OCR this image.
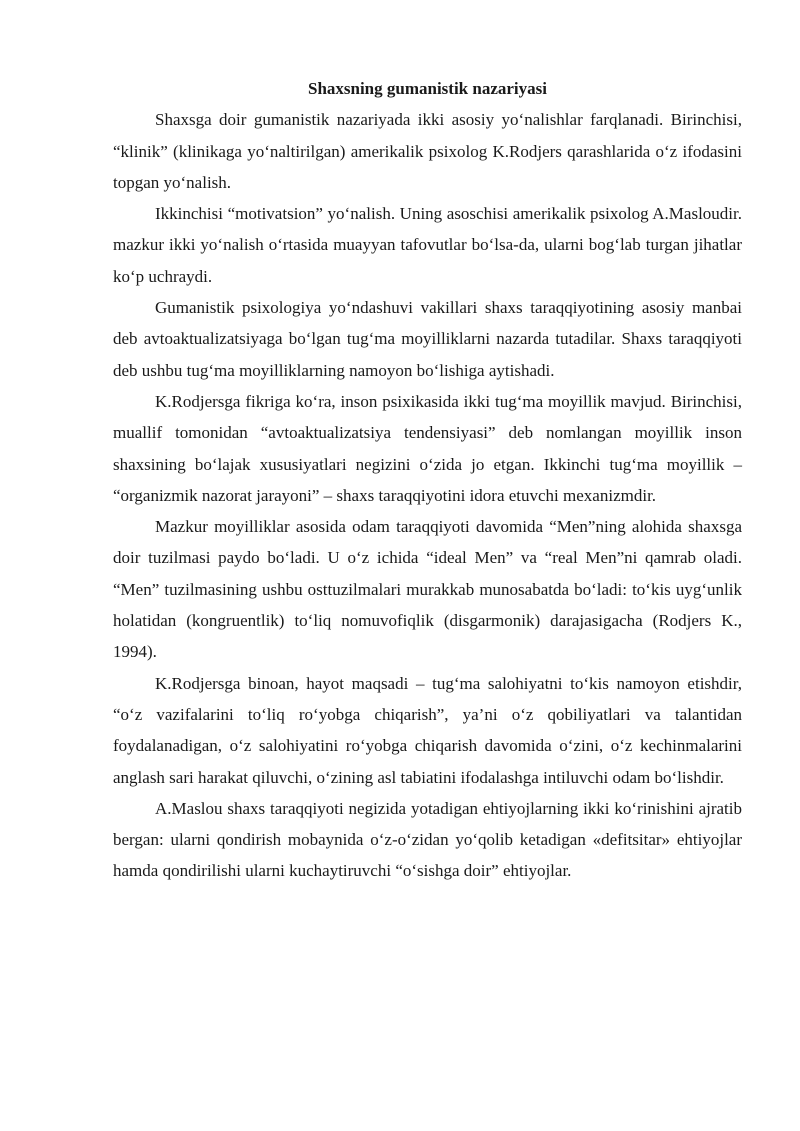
Shaxsning gumanistik nazariyasi

Shaxsga doir gumanistik nazariyada ikki asosiy yo‘nalishlar farqlanadi. Birinchisi, “klinik” (klinikaga yo‘naltirilgan) amerikalik psixolog K.Rodjers qarashlarida o‘z ifodasini topgan yo‘nalish.

Ikkinchisi “motivatsion” yo‘nalish. Uning asoschisi amerikalik psixolog A.Masloudir. mazkur ikki yo‘nalish o‘rtasida muayyan tafovutlar bo‘lsa-da, ularni bog‘lab turgan jihatlar ko‘p uchraydi.

Gumanistik psixologiya yo‘ndashuvi vakillari shaxs taraqqiyotining asosiy manbai deb avtoaktualizatsiyaga bo‘lgan tug‘ma moyilliklarni nazarda tutadilar. Shaxs taraqqiyoti deb ushbu tug‘ma moyilliklarning namoyon bo‘lishiga aytishadi.

K.Rodjersga fikriga ko‘ra, inson psixikasida ikki tug‘ma moyillik mavjud. Birinchisi, muallif tomonidan “avtoaktualizatsiya tendensiyasi” deb nomlangan moyillik inson shaxsining bo‘lajak xususiyatlari negizini o‘zida jo etgan. Ikkinchi tug‘ma moyillik – “organizmik nazorat jarayoni” – shaxs taraqqiyotini idora etuvchi mexanizmdir.

Mazkur moyilliklar asosida odam taraqqiyoti davomida “Men”ning alohida shaxsga doir tuzilmasi paydo bo‘ladi. U o‘z ichida “ideal Men” va “real Men”ni qamrab oladi. “Men” tuzilmasining ushbu osttuzilmalari murakkab munosabatda bo‘ladi: to‘kis uyg‘unlik holatidan (kongruentlik) to‘liq nomuvofiqlik (disgarmonik) darajasigacha (Rodjers K., 1994).

K.Rodjersga binoan, hayot maqsadi – tug‘ma salohiyatni to‘kis namoyon etishdir, “o‘z vazifalarini to‘liq ro‘yobga chiqarish”, ya’ni o‘z qobiliyatlari va talantidan foydalanadigan, o‘z salohiyatini ro‘yobga chiqarish davomida o‘zini, o‘z kechinmalarini anglash sari harakat qiluvchi, o‘zining asl tabiatini ifodalashga intiluvchi odam bo‘lishdir.

A.Maslou shaxs taraqqiyoti negizida yotadigan ehtiyojlarning ikki ko‘rinishini ajratib bergan: ularni qondirish mobaynida o‘z-o‘zidan yo‘qolib ketadigan «defitsitar» ehtiyojlar hamda qondirilishi ularni kuchaytiruvchi “o‘sishga doir” ehtiyojlar.
